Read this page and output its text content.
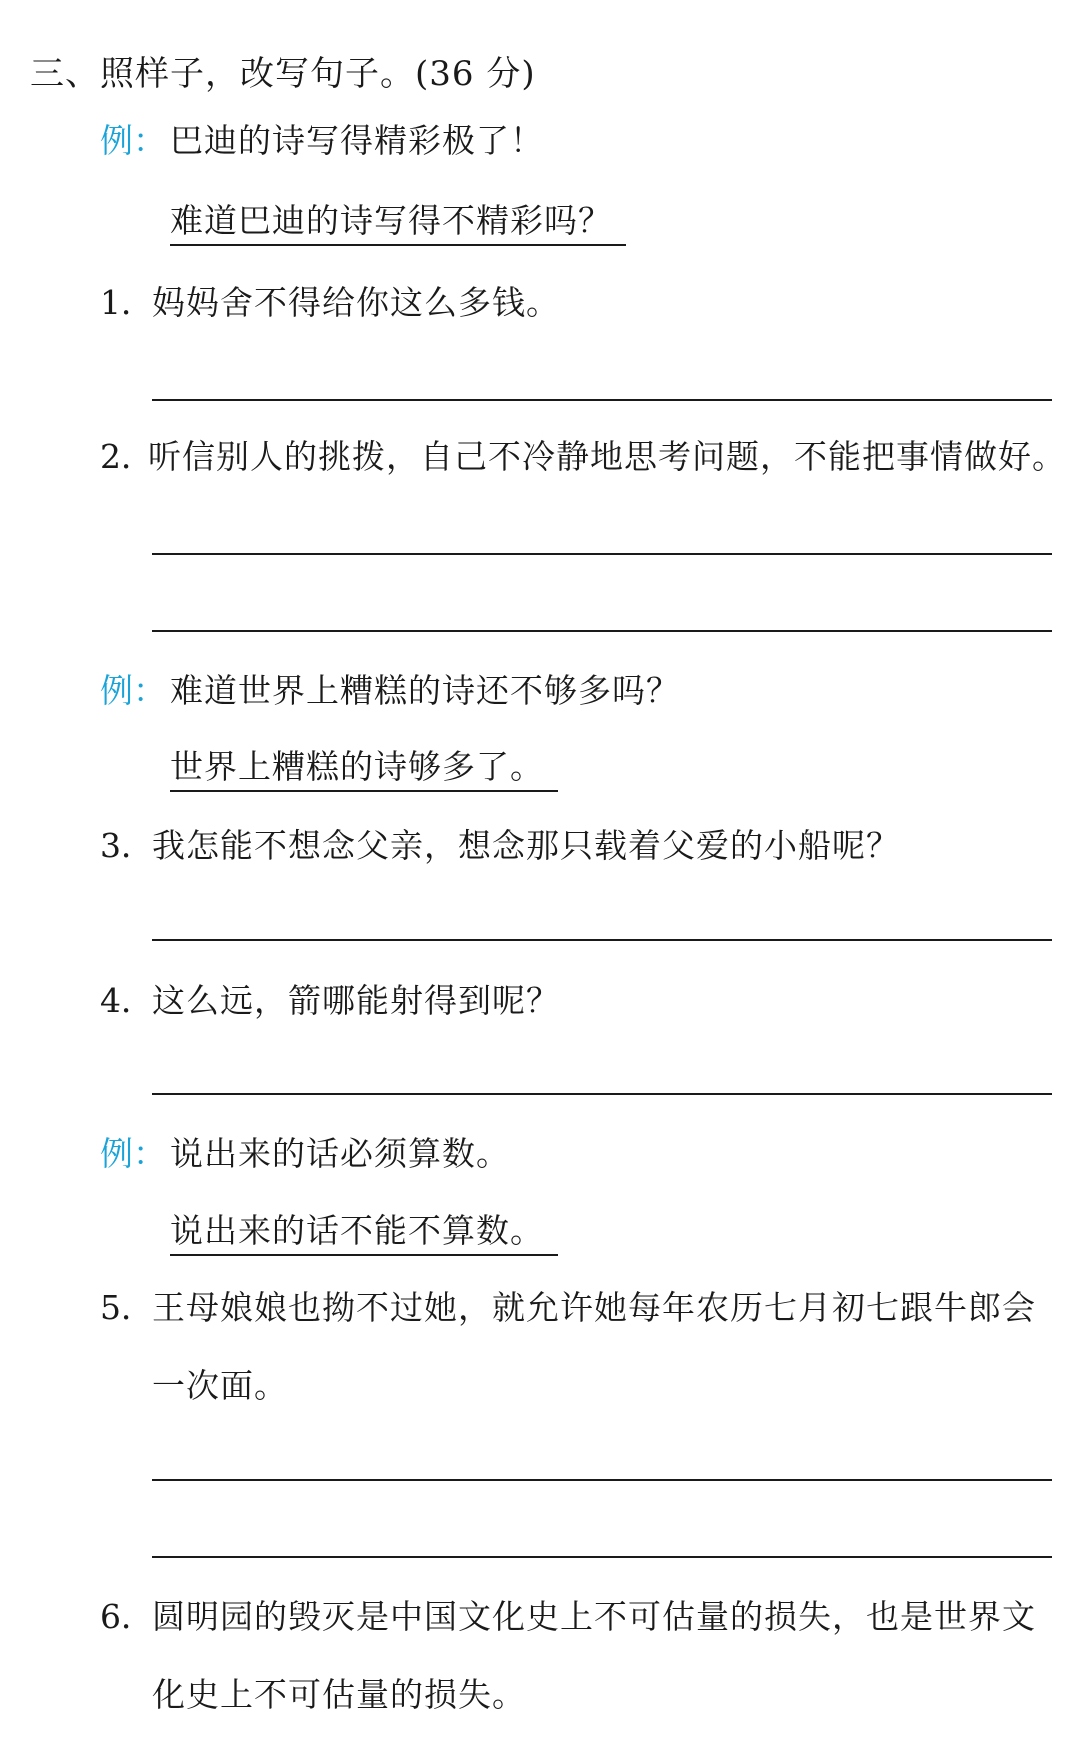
三、照样子，改写句子。(36 分)
例： 巴迪的诗写得精彩极了！
难道巴迪的诗写得不精彩吗？
1．
妈妈舍不得给你这么多钱。
2．
听信别人的挑拨，自己不冷静地思考问题，不能把事情做好。
例： 难道世界上糟糕的诗还不够多吗？
世界上糟糕的诗够多了。
3．
我怎能不想念父亲，想念那只载着父爱的小船呢？
4．
这么远，箭哪能射得到呢？
例： 说出来的话必须算数。
说出来的话不能不算数。
5．
王母娘娘也拗不过她，就允许她每年农历七月初七跟牛郎会
一次面。
6．
圆明园的毁灭是中国文化史上不可估量的损失，也是世界文
化史上不可估量的损失。
